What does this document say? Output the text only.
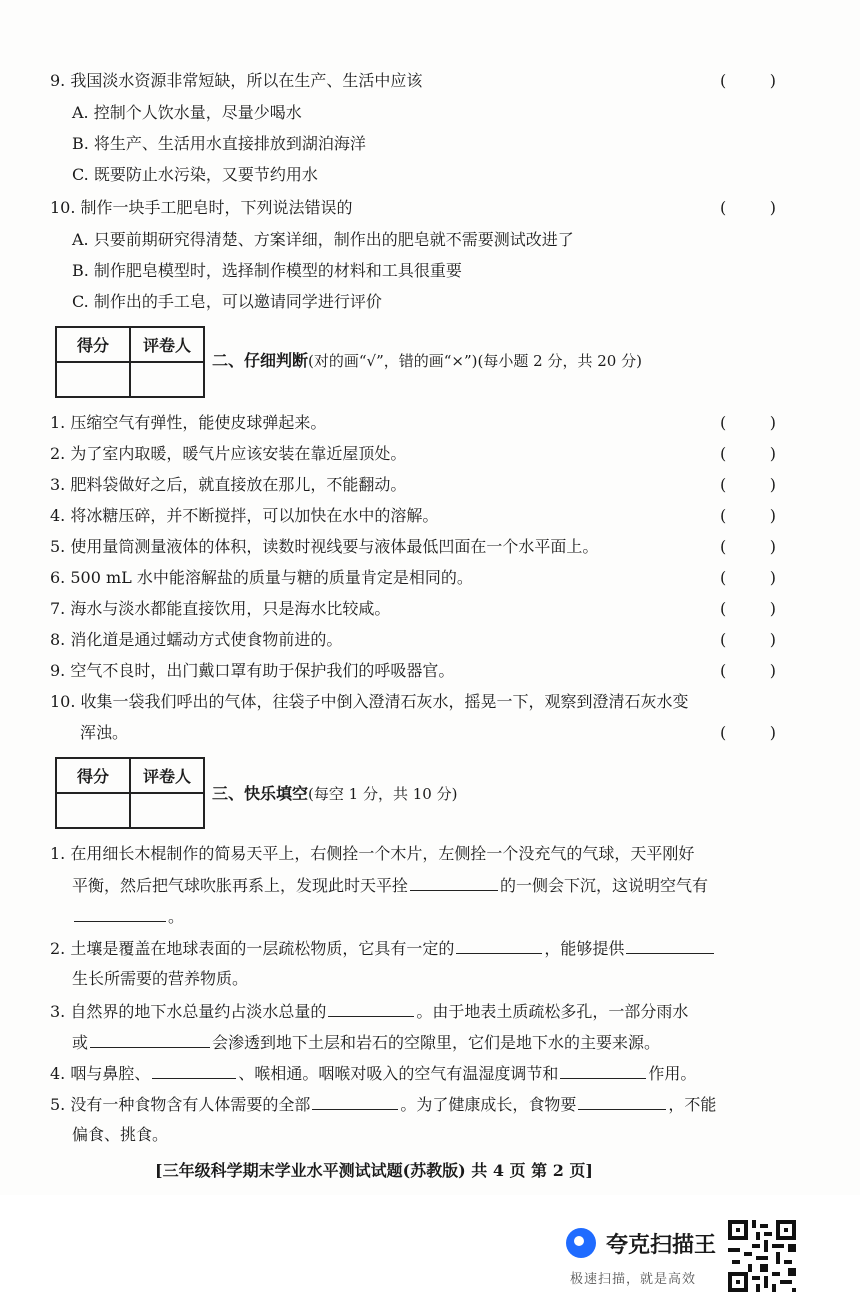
9. 我国淡水资源非常短缺，所以在生产、生活中应该	(	)
A. 控制个人饮水量，尽量少喝水
B. 将生产、生活用水直接排放到湖泊海洋
C. 既要防止水污染，又要节约用水
10. 制作一块手工肥皂时，下列说法错误的	(	)
A. 只要前期研究得清楚、方案详细，制作出的肥皂就不需要测试改进了
B. 制作肥皂模型时，选择制作模型的材料和工具很重要
C. 制作出的手工皂，可以邀请同学进行评价
得分	评卷人

二、仔细判断(对的画“√”，错的画“×”)(每小题 2 分，共 20 分)
1. 压缩空气有弹性，能使皮球弹起来。	(	)
2. 为了室内取暖，暖气片应该安装在靠近屋顶处。	(	)
3. 肥料袋做好之后，就直接放在那儿，不能翻动。	(	)
4. 将冰糖压碎，并不断搅拌，可以加快在水中的溶解。	(	)
5. 使用量筒测量液体的体积，读数时视线要与液体最低凹面在一个水平面上。	(	)
6. 500 mL 水中能溶解盐的质量与糖的质量肯定是相同的。	(	)
7. 海水与淡水都能直接饮用，只是海水比较咸。	(	)
8. 消化道是通过蠕动方式使食物前进的。	(	)
9. 空气不良时，出门戴口罩有助于保护我们的呼吸器官。	(	)
10. 收集一袋我们呼出的气体，往袋子中倒入澄清石灰水，摇晃一下，观察到澄清石灰水变
浑浊。	(	)
得分	评卷人

三、快乐填空(每空 1 分，共 10 分)
1. 在用细长木棍制作的简易天平上，右侧拴一个木片，左侧拴一个没充气的气球，天平刚好
平衡，然后把气球吹胀再系上，发现此时天平拴	的一侧会下沉，这说明空气有
。
2. 土壤是覆盖在地球表面的一层疏松物质，它具有一定的	，能够提供
生长所需要的营养物质。
3. 自然界的地下水总量约占淡水总量的	。由于地表土质疏松多孔，一部分雨水
或	会渗透到地下土层和岩石的空隙里，它们是地下水的主要来源。
4. 咽与鼻腔、	、喉相通。咽喉对吸入的空气有温湿度调节和	作用。
5. 没有一种食物含有人体需要的全部	。为了健康成长，食物要	，不能
偏食、挑食。
[三年级科学期末学业水平测试试题(苏教版) 共 4 页 第 2 页]
夸克扫描王
极速扫描，就是高效
